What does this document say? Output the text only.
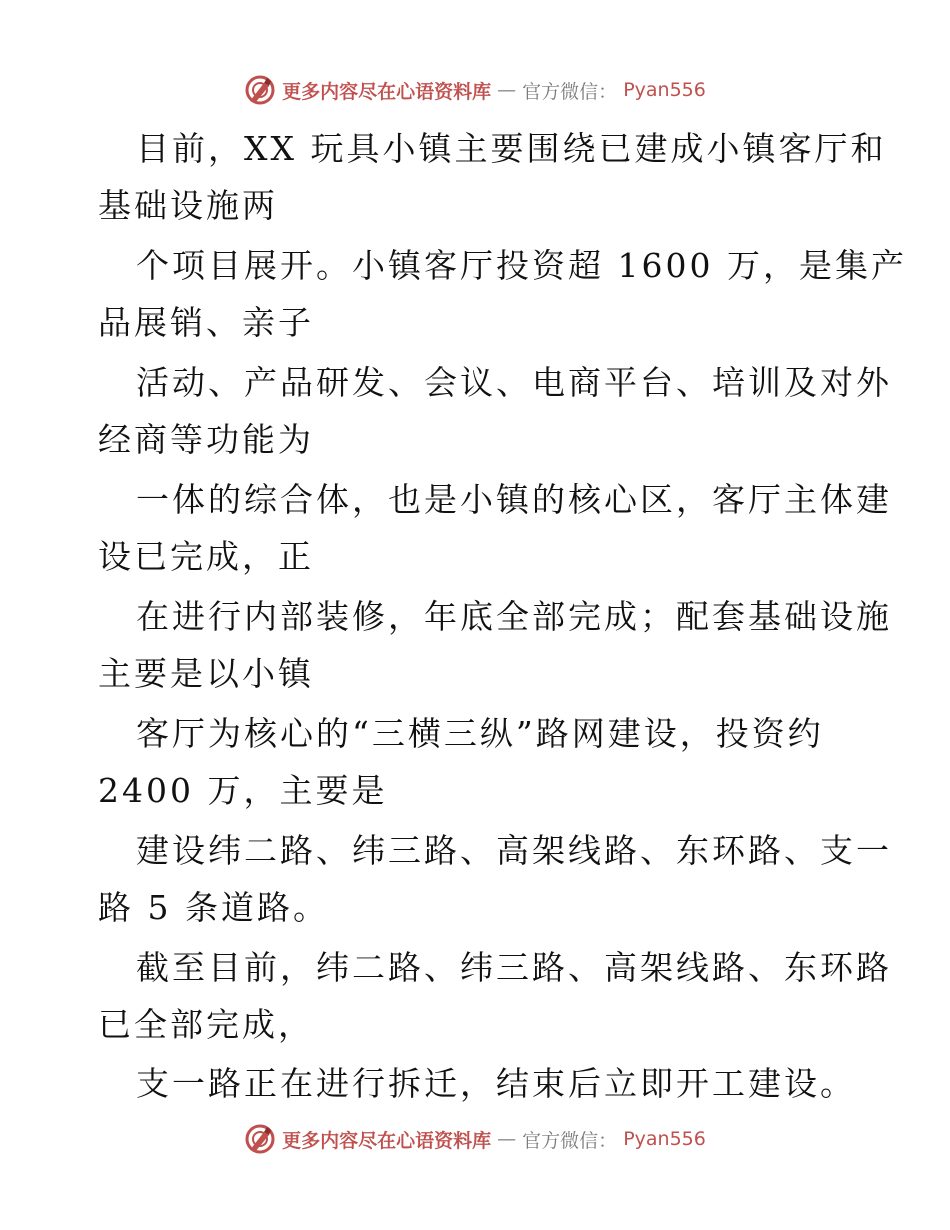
更多内容尽在心语资料库 — 官方微信： Pyan556
目前，XX 玩具小镇主要围绕已建成小镇客厅和
基础设施两
个项目展开。小镇客厅投资超 1600 万，是集产
品展销、亲子
活动、产品研发、会议、电商平台、培训及对外
经商等功能为
一体的综合体，也是小镇的核心区，客厅主体建
设已完成，正
在进行内部装修，年底全部完成；配套基础设施
主要是以小镇
客厅为核心的“三横三纵”路网建设，投资约
2400 万，主要是
建设纬二路、纬三路、高架线路、东环路、支一
路 5 条道路。
截至目前，纬二路、纬三路、高架线路、东环路
已全部完成，
支一路正在进行拆迁，结束后立即开工建设。
更多内容尽在心语资料库 — 官方微信： Pyan556
